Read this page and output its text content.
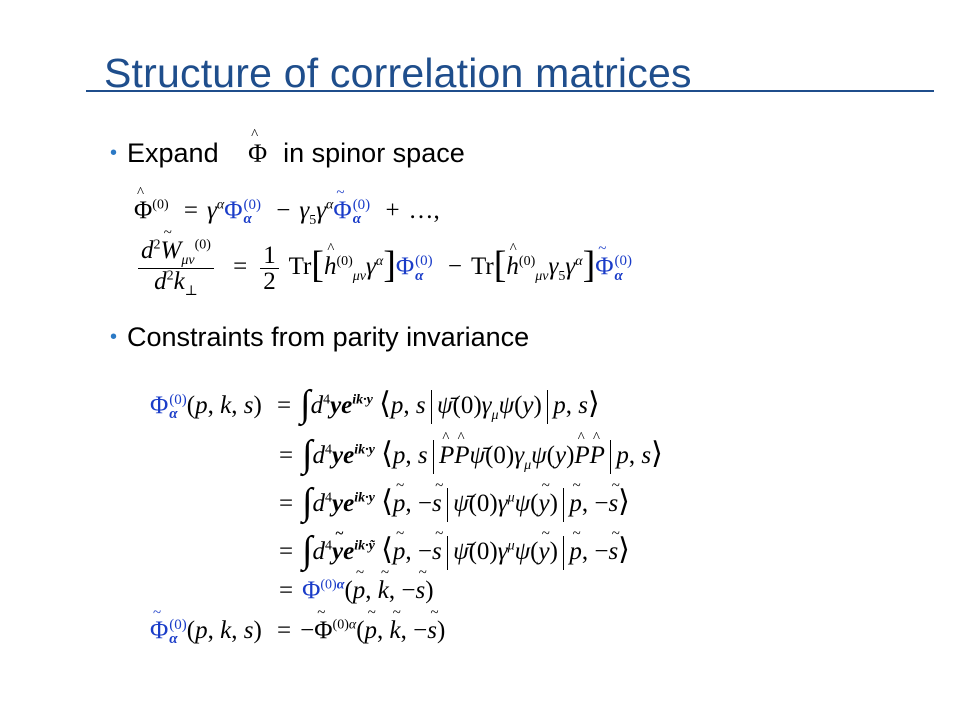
Structure of correlation matrices
• Expand ^ Φ in spinor space
^ $\Phi^{(0)} = \gamma^\alpha\Phi$ (0)
$\alpha - \gamma_5\gamma^\alpha\sim$ Φ (0)
α + …,
$\frac{d^2\sim W_{\mu\nu}^{(0)}}{d^2k_\perp} = \frac{1}{2}$ Tr[^ $h^{(0)}_{\mu\nu}\gamma^\alpha]\Phi$ (0)
α − Tr[^ $h^{(0)}_{\mu\nu}\gamma_5\gamma^\alpha]\sim$ Φ (0)
α
• Constraints from parity invariance
Φ (0)
α (p, k, $s) = \int d^4ye^{ik\cdot y}$ ⟨p, s $\psī(0)\gamma_\mu\psi(y)$ p, s⟩
= $\int d^4ye^{ik\cdot y}$ ⟨p, s ^ P^ $P\psī(0)\gamma_\mu\psi(y)\^{}$ P^ P p, s⟩
= $\int d^4ye^{ik\cdot y}$ ⟨~ p, −~ s $\psī(0)\gamma^\mu\psi(\sim$ y) ~ p, −~ s⟩
= $\int d^4\sim$ $ye^{ik\cdot ỹ}$ ⟨~ p, −~ s $\psī(0)\gamma^\mu\psi(\sim$ y) ~ p, −~ s⟩
= $\Phi^{(0)\alpha}(\sim$ p, ~ k, −~ s)
~ Φ (0)
α (p, k, s) = −~ $\Phi^{(0)\alpha}(\sim$ p, ~ k, −~ s)
